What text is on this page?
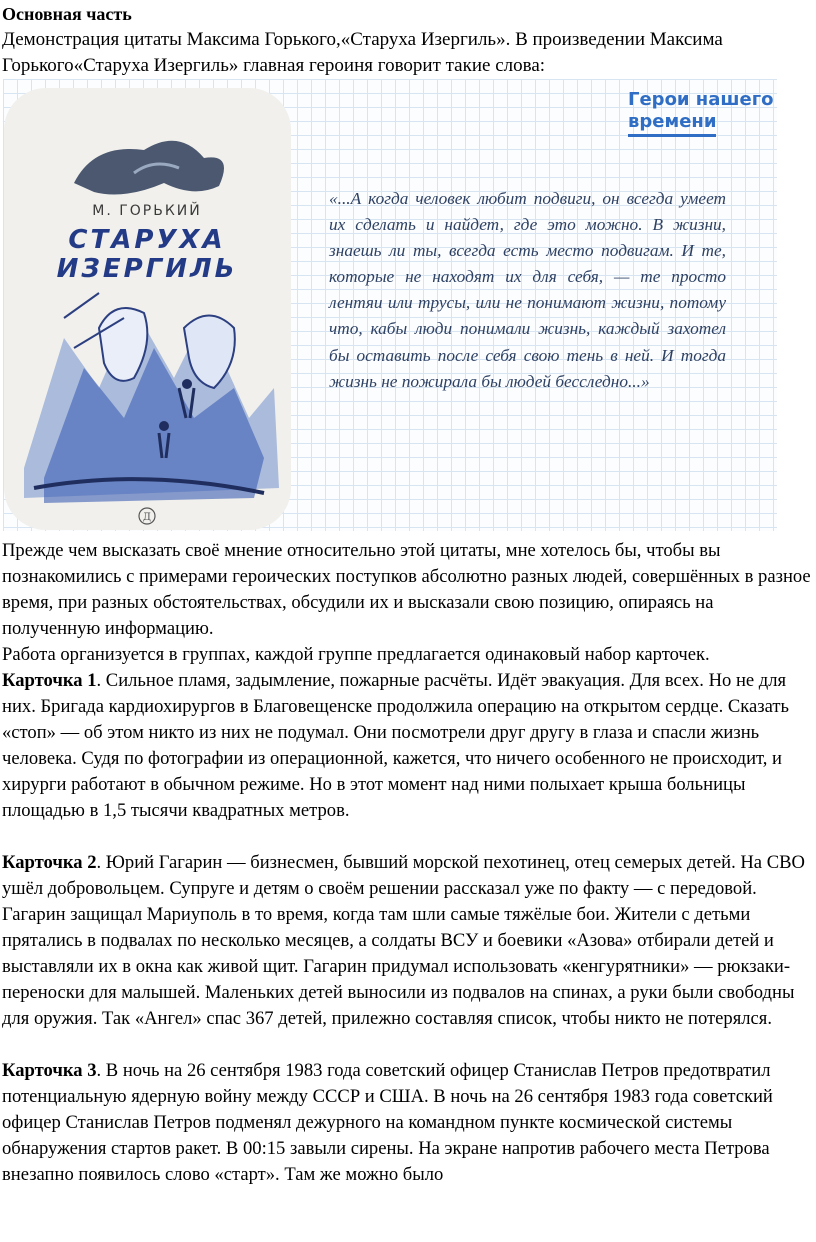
Основная часть

Демонстрация цитаты Максима Горького,«Старуха Изергиль». В произведении Максима Горького«Старуха Изергиль» главная героиня говорит такие слова:

М. ГОРЬКИЙ
СТАРУХА
ИЗЕРГИЛЬ
Д
Герои нашего
времени

«...А когда человек любит подвиги, он всегда умеет их сделать и найдет, где это можно. В жизни, знаешь ли ты, всегда есть место подвигам. И те, которые не находят их для себя, — те просто лентяи или трусы, или не понимают жизни, потому что, кабы люди понимали жизнь, каждый захотел бы оставить после себя свою тень в ней. И тогда жизнь не пожирала бы людей бесследно...»

Прежде чем высказать своё мнение относительно этой цитаты, мне хотелось бы, чтобы вы познакомились с примерами героических поступков абсолютно разных людей, совершённых в разное время, при разных обстоятельствах, обсудили их и высказали свою позицию, опираясь на полученную информацию.

Работа организуется в группах, каждой группе предлагается одинаковый набор карточек.

Карточка 1. Сильное пламя, задымление, пожарные расчёты. Идёт эвакуация. Для всех. Но не для них. Бригада кардиохирургов в Благовещенске продолжила операцию на открытом сердце. Сказать «стоп» — об этом никто из них не подумал. Они посмотрели друг другу в глаза и спасли жизнь человека. Судя по фотографии из операционной, кажется, что ничего особенного не происходит, и хирурги работают в обычном режиме. Но в этот момент над ними полыхает крыша больницы площадью в 1,5 тысячи квадратных метров.

Карточка 2. Юрий Гагарин — бизнесмен, бывший морской пехотинец, отец семерых детей. На СВО ушёл добровольцем. Супруге и детям о своём решении рассказал уже по факту — с передовой. Гагарин защищал Мариуполь в то время, когда там шли самые тяжёлые бои. Жители с детьми прятались в подвалах по несколько месяцев, а солдаты ВСУ и боевики «Азова» отбирали детей и выставляли их в окна как живой щит. Гагарин придумал использовать «кенгурятники» — рюкзаки-переноски для малышей. Маленьких детей выносили из подвалов на спинах, а руки были свободны для оружия. Так «Ангел» спас 367 детей, прилежно составляя список, чтобы никто не потерялся.

Карточка 3. В ночь на 26 сентября 1983 года советский офицер Станислав Петров предотвратил потенциальную ядерную войну между СССР и США. В ночь на 26 сентября 1983 года советский офицер Станислав Петров подменял дежурного на командном пункте космической системы обнаружения стартов ракет. В 00:15 завыли сирены. На экране напротив рабочего места Петрова внезапно появилось слово «старт». Там же можно было
